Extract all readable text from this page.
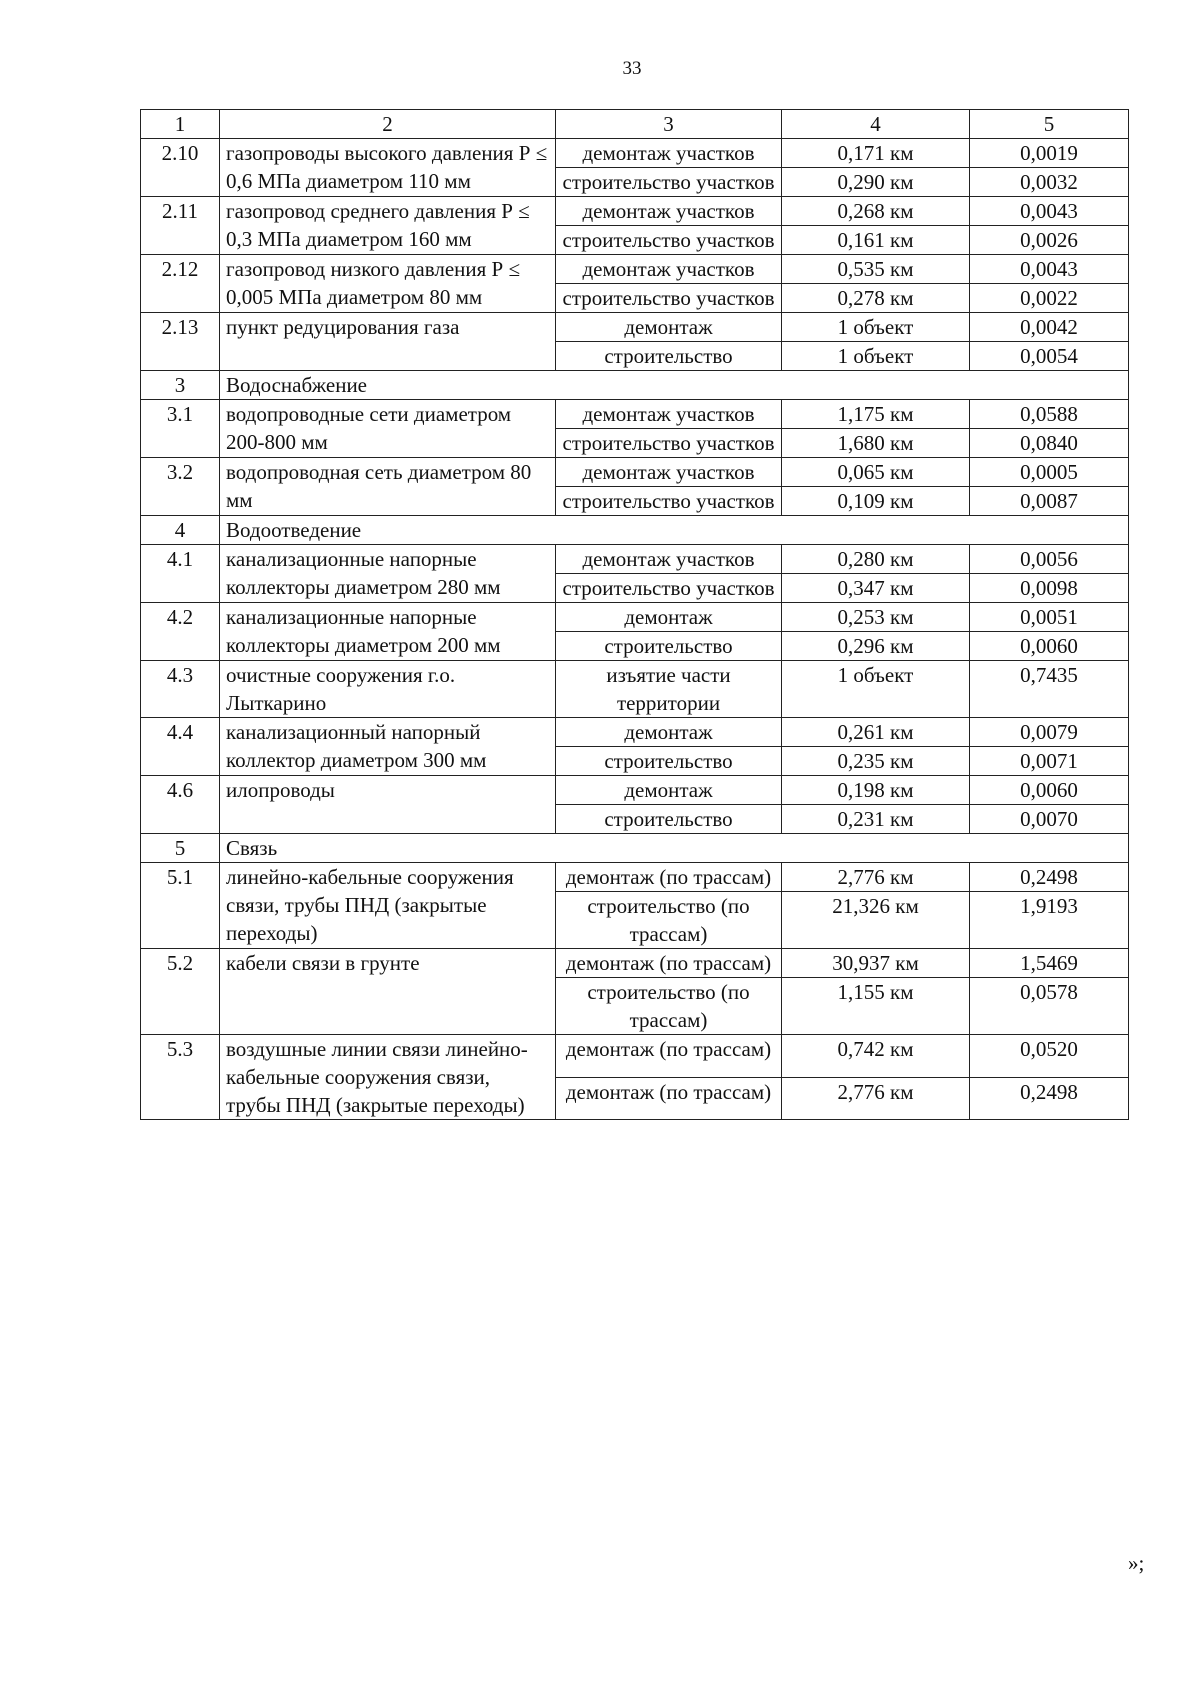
33
1	2	3	4	5
2.10	газопроводы высокого давления Р ≤ 0,6 МПа диаметром 110 мм	демонтаж участков	0,171 км	0,0019
		строительство участков	0,290 км	0,0032
2.11	газопровод среднего давления Р ≤ 0,3 МПа диаметром 160 мм	демонтаж участков	0,268 км	0,0043
		строительство участков	0,161 км	0,0026
2.12	газопровод низкого давления Р ≤ 0,005 МПа диаметром 80 мм	демонтаж участков	0,535 км	0,0043
		строительство участков	0,278 км	0,0022
2.13	пункт редуцирования газа	демонтаж	1 объект	0,0042
		строительство	1 объект	0,0054
3	Водоснабжение			
3.1	водопроводные сети диаметром 200-800 мм	демонтаж участков	1,175 км	0,0588
		строительство участков	1,680 км	0,0840
3.2	водопроводная сеть диаметром 80 мм	демонтаж участков	0,065 км	0,0005
		строительство участков	0,109 км	0,0087
4	Водоотведение			
4.1	канализационные напорные коллекторы диаметром 280 мм	демонтаж участков	0,280 км	0,0056
		строительство участков	0,347 км	0,0098
4.2	канализационные напорные коллекторы диаметром 200 мм	демонтаж	0,253 км	0,0051
		строительство	0,296 км	0,0060
4.3	очистные сооружения г.о. Лыткарино	изъятие части территории	1 объект	0,7435
4.4	канализационный напорный коллектор диаметром 300 мм	демонтаж	0,261 км	0,0079
		строительство	0,235 км	0,0071
4.6	илопроводы	демонтаж	0,198 км	0,0060
		строительство	0,231 км	0,0070
5	Связь			
5.1	линейно-кабельные сооружения связи, трубы ПНД (закрытые переходы)	демонтаж (по трассам)	2,776 км	0,2498
		строительство (по трассам)	21,326 км	1,9193
5.2	кабели связи в грунте	демонтаж (по трассам)	30,937 км	1,5469
		строительство (по трассам)	1,155 км	0,0578
5.3	воздушные линии связи линейно-кабельные сооружения связи, трубы ПНД (закрытые переходы)	демонтаж (по трассам)	0,742 км	0,0520
		демонтаж (по трассам)	2,776 км	0,2498
»;
